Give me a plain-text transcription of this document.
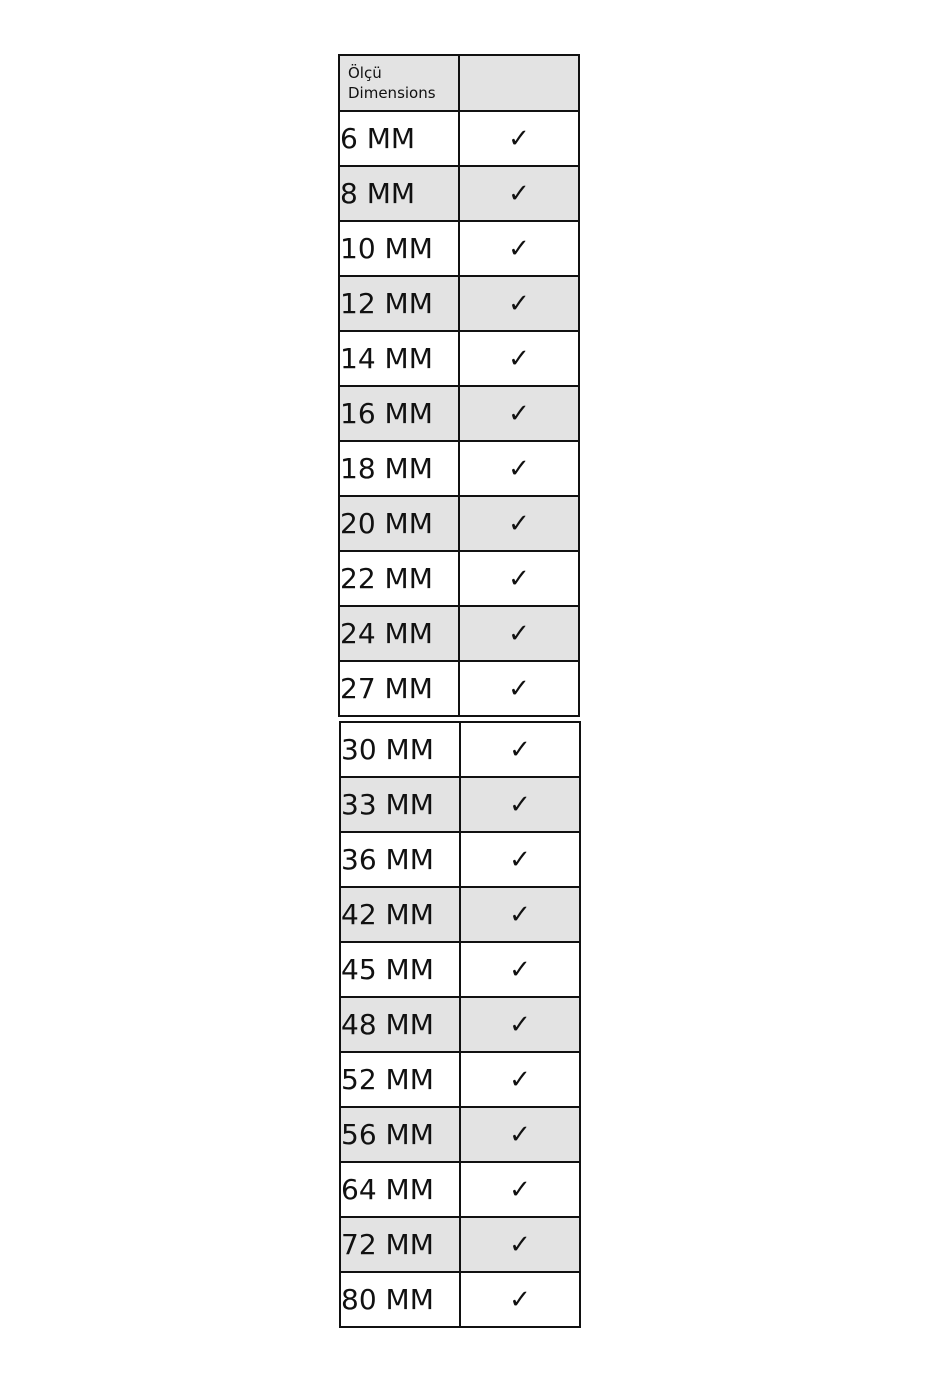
Ölçü
Dimensions	

6 MM	✓
8 MM	✓
10 MM	✓
12 MM	✓
14 MM	✓
16 MM	✓
18 MM	✓
20 MM	✓
22 MM	✓
24 MM	✓
27 MM	✓
30 MM	✓
33 MM	✓
36 MM	✓
42 MM	✓
45 MM	✓
48 MM	✓
52 MM	✓
56 MM	✓
64 MM	✓
72 MM	✓
80 MM	✓
